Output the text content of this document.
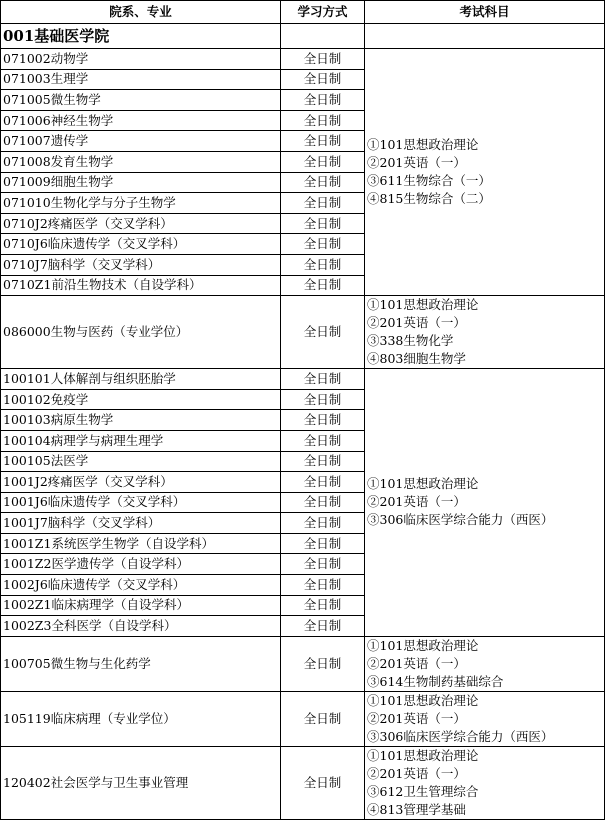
院系、专业	学习方式	考试科目
001基础医学院		
071002动物学	全日制	①101思想政治理论
②201英语（一）
③611生物综合（一）
④815生物综合（二）

071003生理学	全日制	
071005微生物学	全日制	
071006神经生物学	全日制	
071007遗传学	全日制	
071008发育生物学	全日制	
071009细胞生物学	全日制	
071010生物化学与分子生物学	全日制	
0710J2疼痛医学（交叉学科）	全日制	
0710J6临床遗传学（交叉学科）	全日制	
0710J7脑科学（交叉学科）	全日制	
0710Z1前沿生物技术（自设学科）	全日制	
086000生物与医药（专业学位）	全日制	①101思想政治理论
②201英语（一）
③338生物化学
④803细胞生物学

100101人体解剖与组织胚胎学	全日制	①101思想政治理论
②201英语（一）
③306临床医学综合能力（西医）

100102免疫学	全日制	
100103病原生物学	全日制	
100104病理学与病理生理学	全日制	
100105法医学	全日制	
1001J2疼痛医学（交叉学科）	全日制	
1001J6临床遗传学（交叉学科）	全日制	
1001J7脑科学（交叉学科）	全日制	
1001Z1系统医学生物学（自设学科）	全日制	
1001Z2医学遗传学（自设学科）	全日制	
1002J6临床遗传学（交叉学科）	全日制	
1002Z1临床病理学（自设学科）	全日制	
1002Z3全科医学（自设学科）	全日制	
100705微生物与生化药学	全日制	①101思想政治理论
②201英语（一）
③614生物制药基础综合

105119临床病理（专业学位）	全日制	①101思想政治理论
②201英语（一）
③306临床医学综合能力（西医）

120402社会医学与卫生事业管理	全日制	①101思想政治理论
②201英语（一）
③612卫生管理综合
④813管理学基础
